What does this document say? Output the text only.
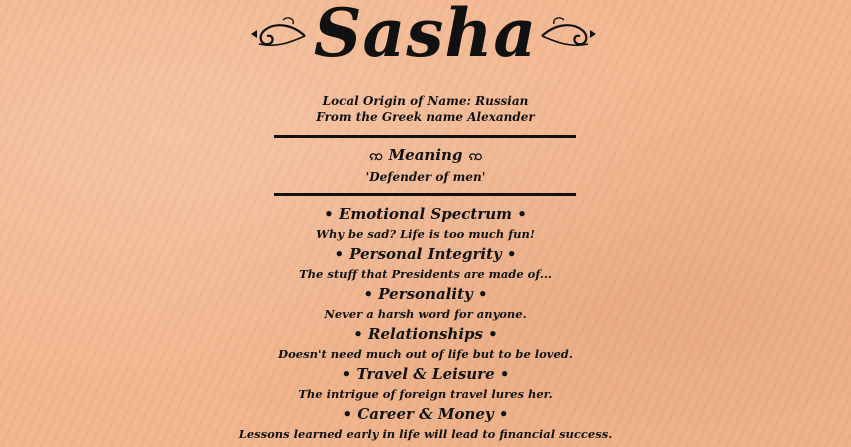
Sasha
Local Origin of Name: Russian
From the Greek name Alexander
ꩡ Meaning ꩡ
'Defender of men'
• Emotional Spectrum •
Why be sad? Life is too much fun!
• Personal Integrity •
The stuff that Presidents are made of...
• Personality •
Never a harsh word for anyone.
• Relationships •
Doesn't need much out of life but to be loved.
• Travel & Leisure •
The intrigue of foreign travel lures her.
• Career & Money •
Lessons learned early in life will lead to financial success.
